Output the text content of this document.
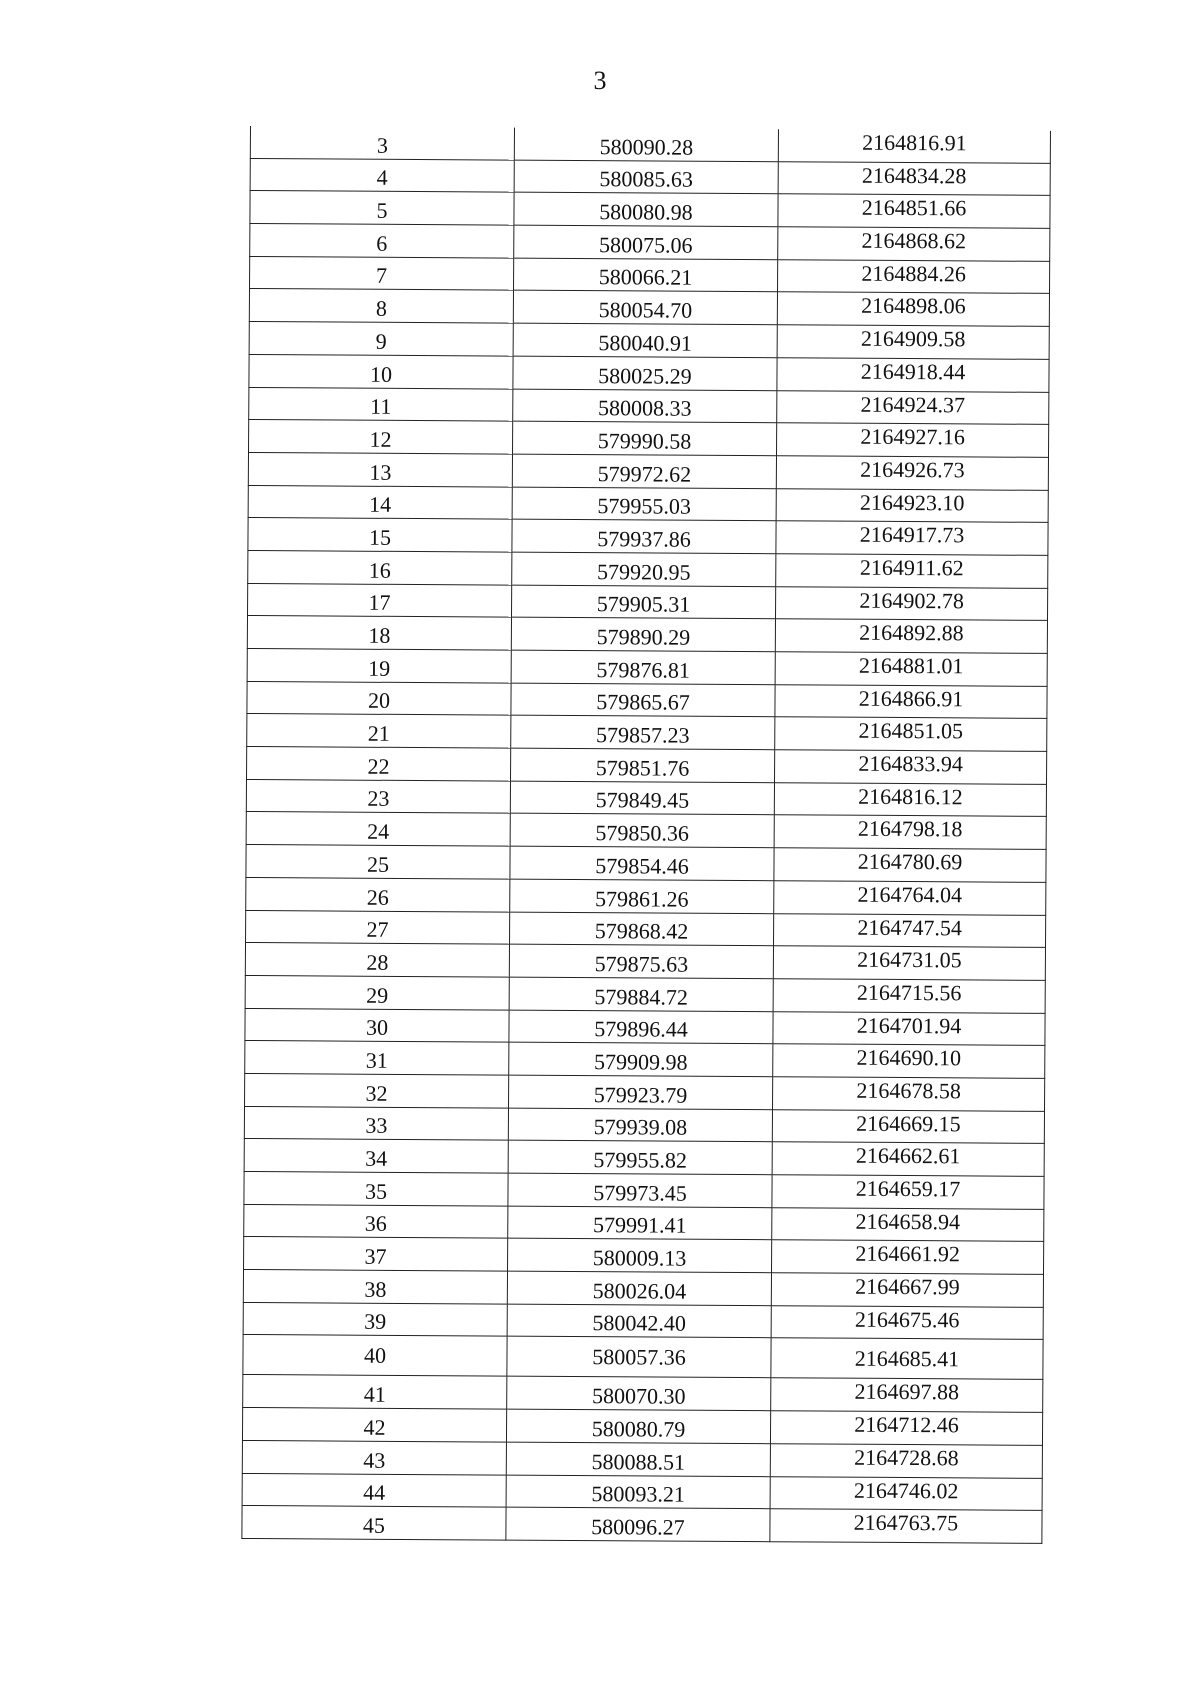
3
3	580090.28	2164816.91
4	580085.63	2164834.28
5	580080.98	2164851.66
6	580075.06	2164868.62
7	580066.21	2164884.26
8	580054.70	2164898.06
9	580040.91	2164909.58
10	580025.29	2164918.44
11	580008.33	2164924.37
12	579990.58	2164927.16
13	579972.62	2164926.73
14	579955.03	2164923.10
15	579937.86	2164917.73
16	579920.95	2164911.62
17	579905.31	2164902.78
18	579890.29	2164892.88
19	579876.81	2164881.01
20	579865.67	2164866.91
21	579857.23	2164851.05
22	579851.76	2164833.94
23	579849.45	2164816.12
24	579850.36	2164798.18
25	579854.46	2164780.69
26	579861.26	2164764.04
27	579868.42	2164747.54
28	579875.63	2164731.05
29	579884.72	2164715.56
30	579896.44	2164701.94
31	579909.98	2164690.10
32	579923.79	2164678.58
33	579939.08	2164669.15
34	579955.82	2164662.61
35	579973.45	2164659.17
36	579991.41	2164658.94
37	580009.13	2164661.92
38	580026.04	2164667.99
39	580042.40	2164675.46
40	580057.36	2164685.41
41	580070.30	2164697.88
42	580080.79	2164712.46
43	580088.51	2164728.68
44	580093.21	2164746.02
45	580096.27	2164763.75
